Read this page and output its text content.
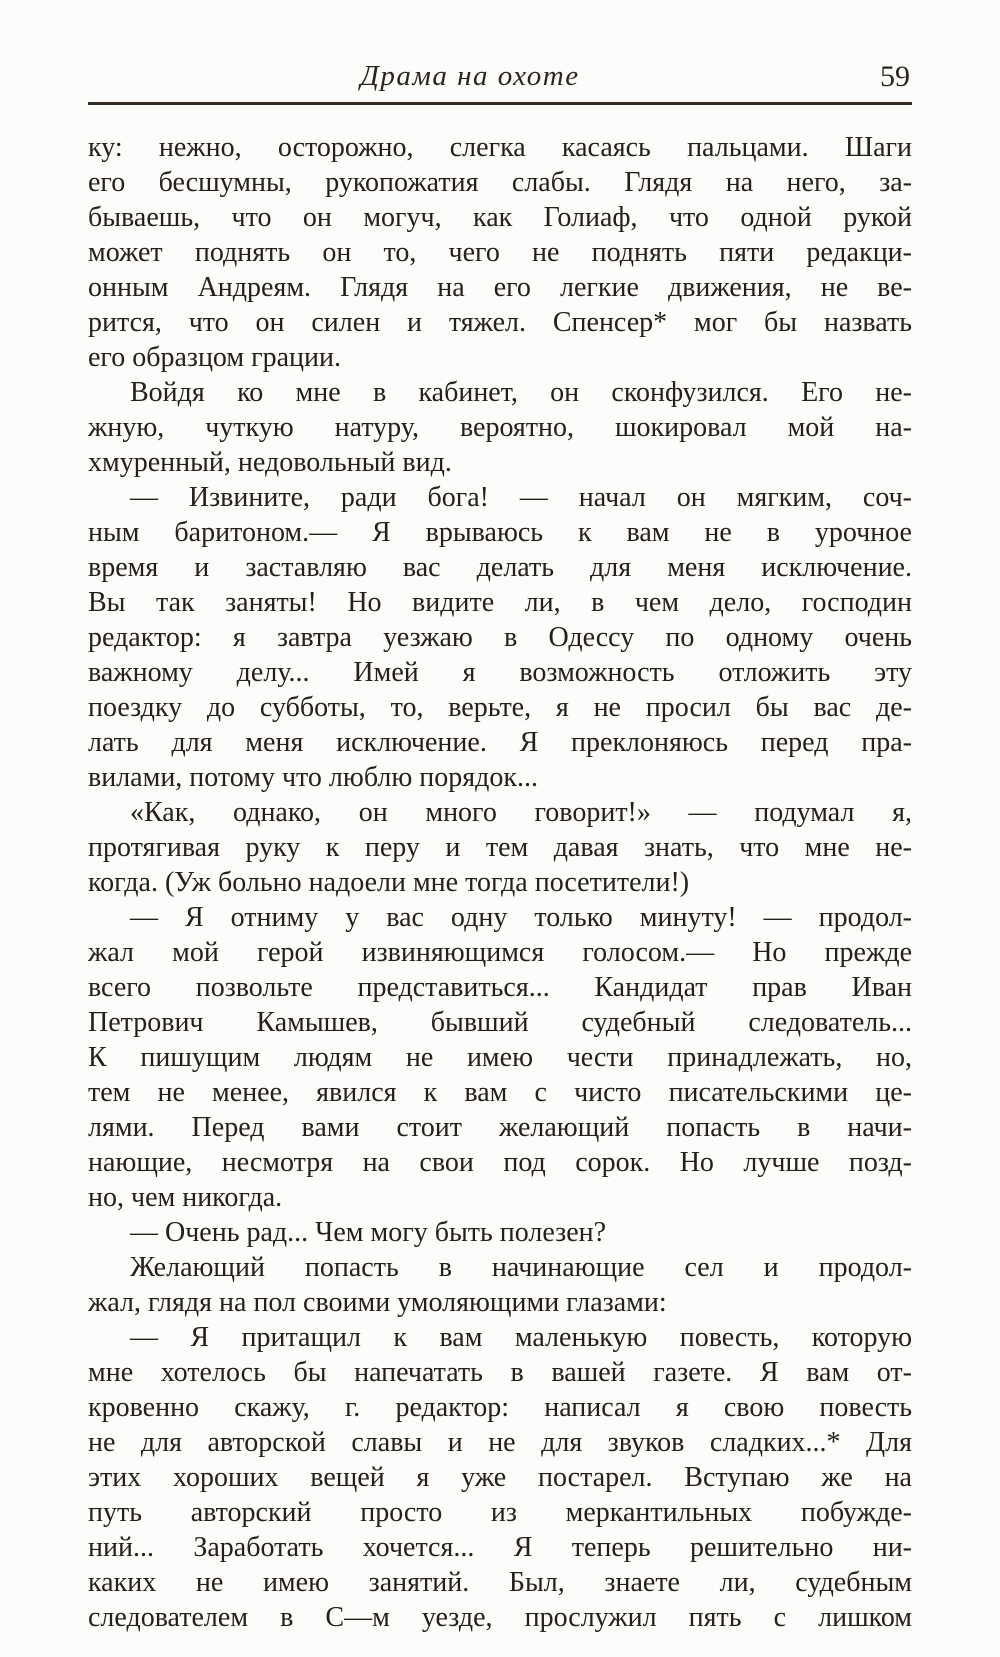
Драма на охоте	59
ку: нежно, осторожно, слегка касаясь пальцами. Шаги
его бесшумны, рукопожатия слабы. Глядя на него, за-
бываешь, что он могуч, как Голиаф, что одной рукой
может поднять он то, чего не поднять пяти редакци-
онным Андреям. Глядя на его легкие движения, не ве-
рится, что он силен и тяжел. Спенсер* мог бы назвать
его образцом грации.
Войдя ко мне в кабинет, он сконфузился. Его не-
жную, чуткую натуру, вероятно, шокировал мой на-
хмуренный, недовольный вид.
— Извините, ради бога! — начал он мягким, соч-
ным баритоном.— Я врываюсь к вам не в урочное
время и заставляю вас делать для меня исключение.
Вы так заняты! Но видите ли, в чем дело, господин
редактор: я завтра уезжаю в Одессу по одному очень
важному делу... Имей я возможность отложить эту
поездку до субботы, то, верьте, я не просил бы вас де-
лать для меня исключение. Я преклоняюсь перед пра-
вилами, потому что люблю порядок...
«Как, однако, он много говорит!» — подумал я,
протягивая руку к перу и тем давая знать, что мне не-
когда. (Уж больно надоели мне тогда посетители!)
— Я отниму у вас одну только минуту! — продол-
жал мой герой извиняющимся голосом.— Но прежде
всего позвольте представиться... Кандидат прав Иван
Петрович Камышев, бывший судебный следователь...
К пишущим людям не имею чести принадлежать, но,
тем не менее, явился к вам с чисто писательскими це-
лями. Перед вами стоит желающий попасть в начи-
нающие, несмотря на свои под сорок. Но лучше позд-
но, чем никогда.
— Очень рад... Чем могу быть полезен?
Желающий попасть в начинающие сел и продол-
жал, глядя на пол своими умоляющими глазами:
— Я притащил к вам маленькую повесть, которую
мне хотелось бы напечатать в вашей газете. Я вам от-
кровенно скажу, г. редактор: написал я свою повесть
не для авторской славы и не для звуков сладких...* Для
этих хороших вещей я уже постарел. Вступаю же на
путь авторский просто из меркантильных побужде-
ний... Заработать хочется... Я теперь решительно ни-
каких не имею занятий. Был, знаете ли, судебным
следователем в С—м уезде, прослужил пять с лишком
